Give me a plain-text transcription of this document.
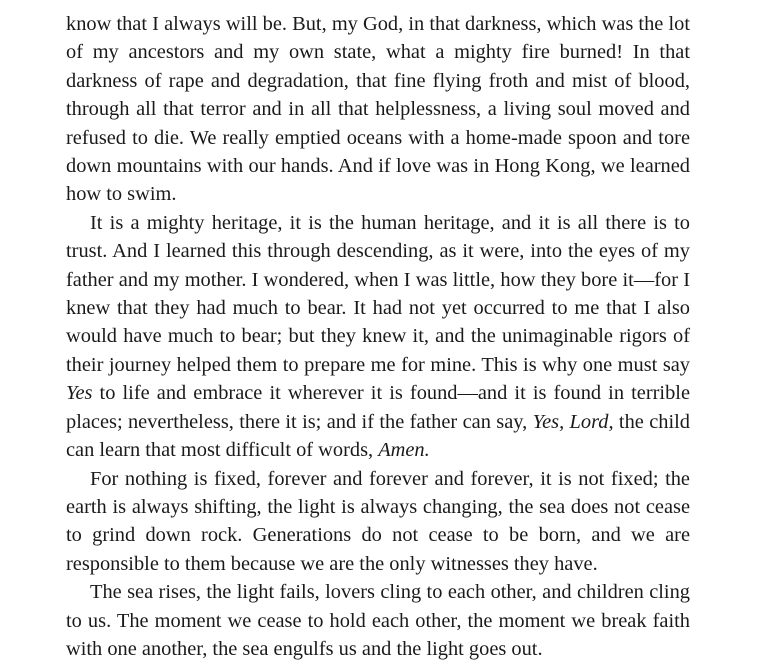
know that I always will be. But, my God, in that darkness, which was the lot of my ancestors and my own state, what a mighty fire burned! In that darkness of rape and degradation, that fine flying froth and mist of blood, through all that terror and in all that helplessness, a living soul moved and refused to die. We really emptied oceans with a home-made spoon and tore down mountains with our hands. And if love was in Hong Kong, we learned how to swim.

It is a mighty heritage, it is the human heritage, and it is all there is to trust. And I learned this through descending, as it were, into the eyes of my father and my mother. I wondered, when I was little, how they bore it—for I knew that they had much to bear. It had not yet occurred to me that I also would have much to bear; but they knew it, and the unimaginable rigors of their journey helped them to prepare me for mine. This is why one must say Yes to life and embrace it wherever it is found—and it is found in terrible places; nevertheless, there it is; and if the father can say, Yes, Lord, the child can learn that most difficult of words, Amen.

For nothing is fixed, forever and forever and forever, it is not fixed; the earth is always shifting, the light is always changing, the sea does not cease to grind down rock. Generations do not cease to be born, and we are responsible to them because we are the only witnesses they have.

The sea rises, the light fails, lovers cling to each other, and children cling to us. The moment we cease to hold each other, the moment we break faith with one another, the sea engulfs us and the light goes out.
